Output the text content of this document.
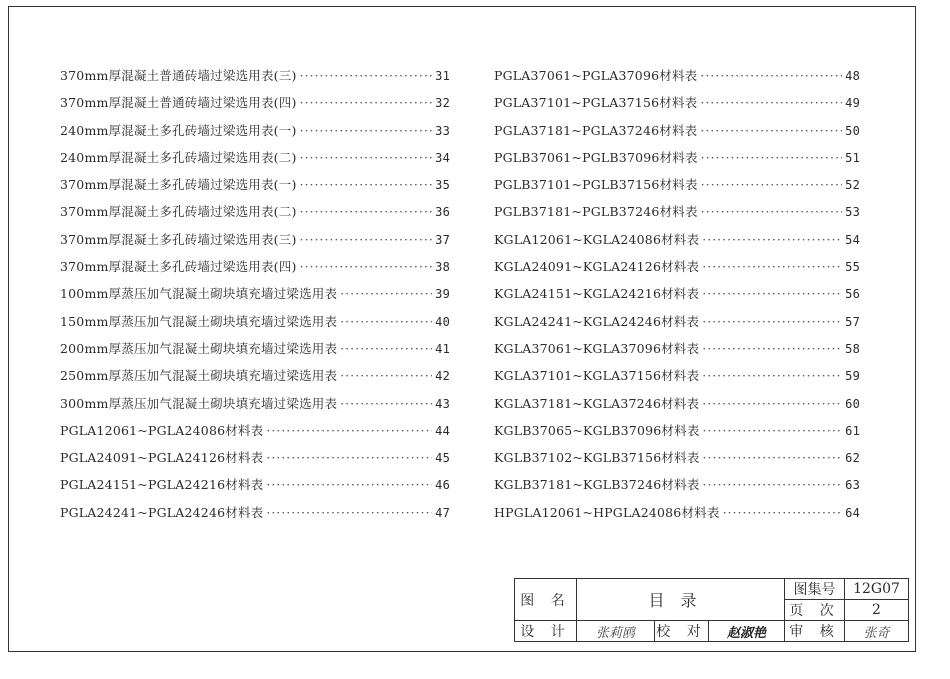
370mm厚混凝土普通砖墙过梁选用表(三) ·····	31
370mm厚混凝土普通砖墙过梁选用表(四) ·····	32
240mm厚混凝土多孔砖墙过梁选用表(一) ·····	33
240mm厚混凝土多孔砖墙过梁选用表(二) ·····	34
370mm厚混凝土多孔砖墙过梁选用表(一) ·····	35
370mm厚混凝土多孔砖墙过梁选用表(二) ·····	36
370mm厚混凝土多孔砖墙过梁选用表(三) ·····	37
370mm厚混凝土多孔砖墙过梁选用表(四) ·····	38
100mm厚蒸压加气混凝土砌块填充墙过梁选用表 ·····	39
150mm厚蒸压加气混凝土砌块填充墙过梁选用表 ·····	40
200mm厚蒸压加气混凝土砌块填充墙过梁选用表 ·····	41
250mm厚蒸压加气混凝土砌块填充墙过梁选用表 ·····	42
300mm厚蒸压加气混凝土砌块填充墙过梁选用表 ·····	43
PGLA12061~PGLA24086材料表 ·····	44
PGLA24091~PGLA24126材料表 ·····	45
PGLA24151~PGLA24216材料表 ·····	46
PGLA24241~PGLA24246材料表 ·····	47
PGLA37061~PGLA37096材料表 ·····	48
PGLA37101~PGLA37156材料表 ·····	49
PGLA37181~PGLA37246材料表 ·····	50
PGLB37061~PGLB37096材料表 ·····	51
PGLB37101~PGLB37156材料表 ·····	52
PGLB37181~PGLB37246材料表 ·····	53
KGLA12061~KGLA24086材料表 ·····	54
KGLA24091~KGLA24126材料表 ·····	55
KGLA24151~KGLA24216材料表 ·····	56
KGLA24241~KGLA24246材料表 ·····	57
KGLA37061~KGLA37096材料表 ·····	58
KGLA37101~KGLA37156材料表 ·····	59
KGLA37181~KGLA37246材料表 ·····	60
KGLB37065~KGLB37096材料表 ·····	61
KGLB37102~KGLB37156材料表 ·····	62
KGLB37181~KGLB37246材料表 ·····	63
HPGLA12061~HPGLA24086材料表 ·····	64
图 名	目录			图集号	12G07
				页 次	2
设 计	张莉鸥	校 对	赵淑艳	审 核	张奇
